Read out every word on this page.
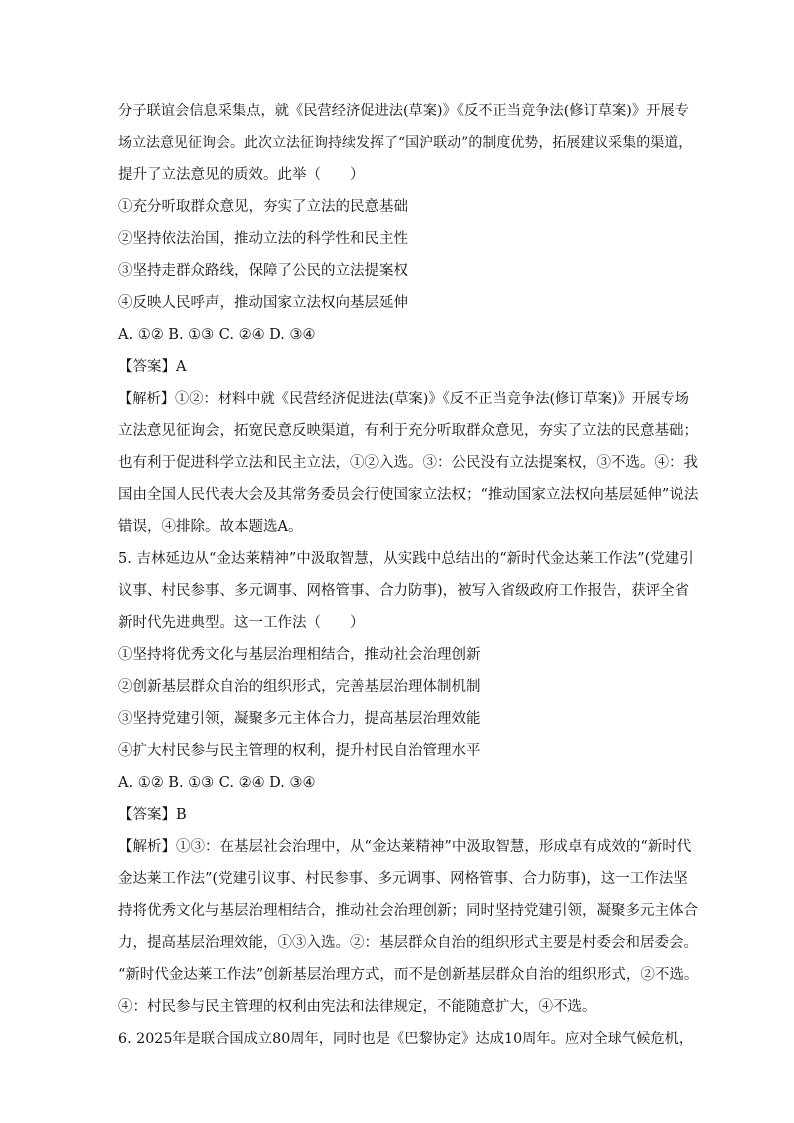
分子联谊会信息采集点，就《民营经济促进法(草案)》《反不正当竞争法(修订草案)》开展专
场立法意见征询会。此次立法征询持续发挥了“国沪联动”的制度优势，拓展建议采集的渠道，
提升了立法意见的质效。此举（　　）
①充分听取群众意见，夯实了立法的民意基础
②坚持依法治国，推动立法的科学性和民主性
③坚持走群众路线，保障了公民的立法提案权
④反映人民呼声，推动国家立法权向基层延伸
A. ①② B. ①③ C. ②④ D. ③④
【答案】A
【解析】①②：材料中就《民营经济促进法(草案)》《反不正当竞争法(修订草案)》开展专场
立法意见征询会，拓宽民意反映渠道，有利于充分听取群众意见，夯实了立法的民意基础；
也有利于促进科学立法和民主立法，①②入选。③：公民没有立法提案权，③不选。④：我
国由全国人民代表大会及其常务委员会行使国家立法权；“推动国家立法权向基层延伸”说法
错误，④排除。故本题选A。
5. 吉林延边从“金达莱精神”中汲取智慧，从实践中总结出的“新时代金达莱工作法”(党建引
议事、村民参事、多元调事、网格管事、合力防事)，被写入省级政府工作报告，获评全省
新时代先进典型。这一工作法（　　）
①坚持将优秀文化与基层治理相结合，推动社会治理创新
②创新基层群众自治的组织形式，完善基层治理体制机制
③坚持党建引领，凝聚多元主体合力，提高基层治理效能
④扩大村民参与民主管理的权利，提升村民自治管理水平
A. ①② B. ①③ C. ②④ D. ③④
【答案】B
【解析】①③：在基层社会治理中，从“金达莱精神”中汲取智慧，形成卓有成效的“新时代
金达莱工作法”(党建引议事、村民参事、多元调事、网格管事、合力防事)，这一工作法坚
持将优秀文化与基层治理相结合，推动社会治理创新；同时坚持党建引领，凝聚多元主体合
力，提高基层治理效能，①③入选。②：基层群众自治的组织形式主要是村委会和居委会。
“新时代金达莱工作法”创新基层治理方式，而不是创新基层群众自治的组织形式，②不选。
④：村民参与民主管理的权利由宪法和法律规定，不能随意扩大，④不选。
6. 2025年是联合国成立80周年，同时也是《巴黎协定》达成10周年。应对全球气候危机，
